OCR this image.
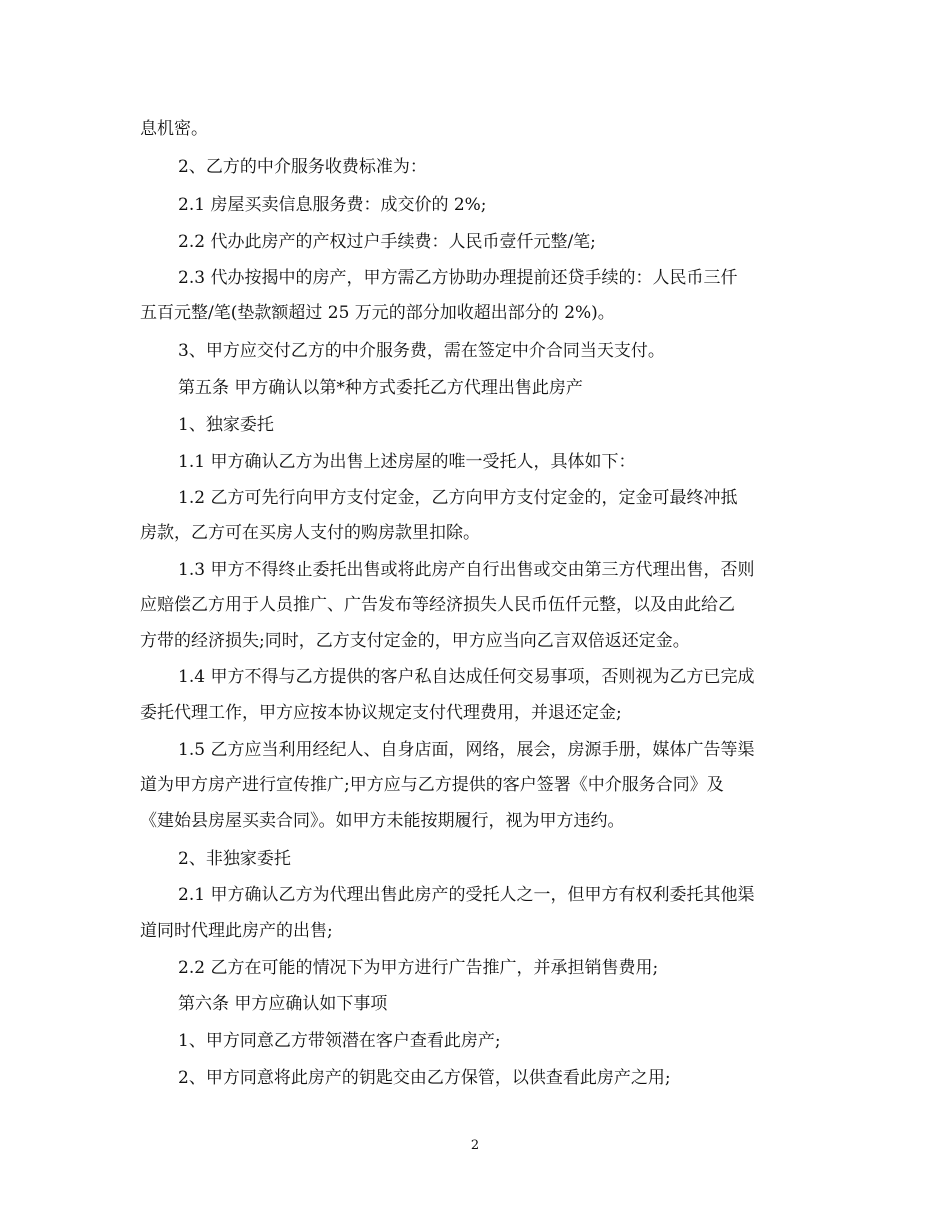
息机密。
2、乙方的中介服务收费标准为：
2.1 房屋买卖信息服务费：成交价的 2%;
2.2 代办此房产的产权过户手续费：人民币壹仟元整/笔;
2.3 代办按揭中的房产，甲方需乙方协助办理提前还贷手续的：人民币三仟
五百元整/笔(垫款额超过 25 万元的部分加收超出部分的 2%)。
3、甲方应交付乙方的中介服务费，需在签定中介合同当天支付。
第五条 甲方确认以第*种方式委托乙方代理出售此房产
1、独家委托
1.1 甲方确认乙方为出售上述房屋的唯一受托人，具体如下：
1.2 乙方可先行向甲方支付定金，乙方向甲方支付定金的，定金可最终冲抵
房款，乙方可在买房人支付的购房款里扣除。
1.3 甲方不得终止委托出售或将此房产自行出售或交由第三方代理出售，否则
应赔偿乙方用于人员推广、广告发布等经济损失人民币伍仟元整，以及由此给乙
方带的经济损失;同时，乙方支付定金的，甲方应当向乙言双倍返还定金。
1.4 甲方不得与乙方提供的客户私自达成任何交易事项，否则视为乙方已完成
委托代理工作，甲方应按本协议规定支付代理费用，并退还定金;
1.5 乙方应当利用经纪人、自身店面，网络，展会，房源手册，媒体广告等渠
道为甲方房产进行宣传推广;甲方应与乙方提供的客户签署《中介服务合同》及
《建始县房屋买卖合同》。如甲方未能按期履行，视为甲方违约。
2、非独家委托
2.1 甲方确认乙方为代理出售此房产的受托人之一，但甲方有权利委托其他渠
道同时代理此房产的出售;
2.2 乙方在可能的情况下为甲方进行广告推广，并承担销售费用;
第六条 甲方应确认如下事项
1、甲方同意乙方带领潜在客户查看此房产;
2、甲方同意将此房产的钥匙交由乙方保管，以供查看此房产之用;
2
